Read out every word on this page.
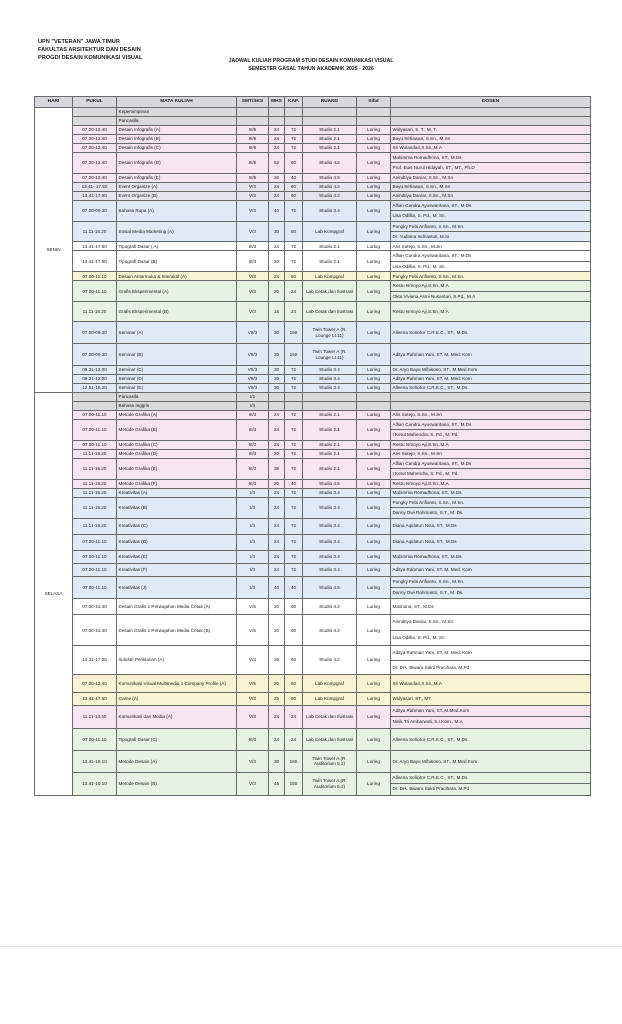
UPN "VETERAN" JAWA TIMUR
FAKULTAS ARSITEKTUR DAN DESAIN
PROGDI DESAIN KOMUNIKASI VISUAL	JADWAL KULIAH PROGRAM STUDI DESAIN KOMUNIKASI VISUAL
SEMESTER GASAL TAHUN AKADEMIK 2025 - 2026
HARI	PUKUL	MATA KULIAH	SMT/SKS	MHS	KAP.	RUANG	Sifat	DOSEN
SENIN		Kepemimpinan						

		Pancasila						

	07.00-13.40	Desain Infografis (A)	III/5	24	72	Studio 2.1	Luring	Widyasari, S. T., M. T.

	07.00-13.40	Desain Infografis (B)	III/5	24	72	Studio 2.1	Luring	Bayu Setiawan, S.Sn., M.Sn

	07.00-13.40	Desain Infografis (C)	III/5	24	72	Studio 2.1	Luring	Sri Wulandari,S.Sn.,M.A

	07.00-13.40	Desain Infografis (D)	III/5	52	60	Studio 4.2	Luring	Mahimma Romadhona, ST., M.Ds.
Prof. Euis Nurul Hidayah, ST., MT., Ph.D

	07.00-13.40	Desain Infografis (E)	III/5	26	40	Studio 4.5	Luring	Anindtiya Daniar, S.Sn., M.Sn

	13.41- 17.50	Event Organize (A)	V/3	24	60	Studio 4.2	Luring	Bayu Setiawan, S.Sn., M.Sn

	13.41-17.50	Event Organize (B)	V/3	24	60	Studio 4.2	Luring	Anindtiya Daniar, S.Sn., M.Sn

	07.00-09.30	Bahasa Rupa (A)	V/3	40	72	Studio 3.4	Luring	Alfian Candra Ayuswantana, ST., M.Ds
Lisa Odillia, S. Pd., M. Sn.

	11.11-15.20	Sosial Media Marketing (A)	V/3	30	50	Lab Kompgraf	Luring	Pungky Febi Arifianto, S.Sn., M.Sn.
Dr. Yudiana Indriastuti, M.Si

	13.41-17.50	Tipografi Dasar ( A)	III/3	24	72	Studio 2.1	Luring	Aris Sutejo, S.Sn., M.Sn

	13.41-17.50	Tipografi Dasar (B)	III/3	30	72	Studio 2.1	Luring	Alfian Candra Ayuswantana, ST., M.Ds
Lisa Odillia, S. Pd., M. Sn.

	07.00-11.10	Desain Antarmuka & Interaktif (A)	V/3	24	50	Lab Kompgraf	Luring	Pungky Febi Arifianto, S.Sn., M.Sn.

	07.00-11.10	Grafis Eksperimental (A)	V/3	20	24	Lab Cetak dan Ilustrasi	Luring	Restu Ismoyo Aji,S.Sn.,M.A
Okta Viviana Asmi Nusantari, S.Pd., M.A

	11.11-15.20	Grafis Eksperimental (B)	V/3	16	24	Lab Cetak dan Ilustrasi	Luring	Restu Ismoyo Aji,S.Sn.,M.A

	07.00-09.30	Seminar (A)	VII/3	30	150	Twin Tower A (R. Lounge Lt.11)	Luring	Alleena Solicitor C.R.E.C., ST., M.Ds.

	07.00-09.30	Seminar (B)	VII/3	30	150	Twin Tower A (R. Lounge Lt.11)	Luring	Aditya Rahman Yani, ST. M. Med. Kom

	09.31-12.00	Seminar (C)	VII/3	30	72	Studio 3.4	Luring	Dr. Aryo Bayu Wibisono, ST., M.Med.Kom

	09.31-12.00	Seminar (D)	VII/3	30	72	Studio 3.4	Luring	Aditya Rahman Yani, ST. M. Med. Kom

	12.51-15.20	Seminar (E)	VII/3	30	72	Studio 3.4	Luring	Alleena Solicitor C.R.E.C., ST., M.Ds.

SELASA		Pancasila	I/2					

		Bahasa Inggris	I/3					

	07.00-11.10	Metode Grafika (A)	III/3	24	72	Studio 2.1	Luring	Aris Sutejo, S.Sn., M.Sn

	07.00-11.10	Metode Grafika (B)	III/3	24	72	Studio 2.1	Luring	Alfian Candra Ayuswantana, ST., M.Ds
I Ketut Mahendra, S. Pd., M. Pd.

	07.00-11.10	Metode Grafika (C)	III/3	24	72	Studio 2.1	Luring	Restu Ismoyo Aji,S.Sn.,M.A

	11.11-15.20	Metode Grafika (D)	III/3	20	72	Studio 2.1	Luring	Aris Sutejo, S.Sn., M.Sn

	11.11-15.20	Metode Grafika (E)	III/3	38	72	Studio 2.1	Luring	Alfian Candra Ayuswantana, ST., M.Ds
I Ketut Mahendra, S. Pd., M. Pd.

	11.11-15.20	Metode Grafika (F)	III/3	20	40	Studio 4.5	Luring	Restu Ismoyo Aji,S.Sn.,M.A

	11.11-15.20	Kreativitas (A)	I/3	24	72	Studio 3.4	Luring	Mahimma Romadhona, ST., M.Ds.

	11.11-15.20	Kreativitas (B)	I/3	24	72	Studio 3.4	Luring	Pungky Febi Arifianto, S.Sn., M.Sn.
Danny Dwi Rahmanto, S.T., M. Ds.

	11.11-15.20	Kreativitas (C)	I/3	24	72	Studio 3.4	Luring	Diana Aqidatun Nisa, ST., M.Ds

	07.00-11.10	Kreativitas (D)	I/3	24	72	Studio 3.4	Luring	Diana Aqidatun Nisa, ST., M.Ds

	07.00-11.10	Kreativitas (E)	I/3	24	72	Studio 3.4	Luring	Mahimma Romadhona, ST., M.Ds.

	07.00-11.10	Kreativitas (F)	I/3	24	72	Studio 3.4	Luring	Aditya Rahman Yani, ST. M. Med. Kom

	07.00-11.10	Kreativitas (J)	I/3	40	40	Studio 4.5	Luring	Pungky Febi Arifianto, S.Sn., M.Sn.
Danny Dwi Rahmanto, S.T., M. Ds.

	07.00-13.40	Desain Grafis 1 Perwajahan Media Cetak (A)	V/5	20	60	Studio 4.2	Luring	Masnuna, ST., M.Ds

	07.00-13.40	Desain Grafis 1 Perwajahan Media Cetak (B)	V/5	20	60	Studio 4.2	Luring	Anindtiya Daniar, S.Sn., M.Sn
Lisa Odillia, S. Pd., M. Sn.

	14.31-17.00	Industri Periklanan (A)	V/3	25	60	Studio 4.2	Luring	Aditya Rahman Yani, ST. M. Med. Kom
Dr. Drs. Biwara Sakti Pracihara, M.Pd

	07.00-13.40	Komunikasi Visual Multimedia 1 Company Profile (A)	V/5	20	50	Lab Kompgraf	Luring	Sri Wulandari,S.Sn.,M.A

	13.41-17.50	Game (A)	V/3	25	50	Lab Kompgraf	Luring	Widyasari, ST., MT

	11.11-13.40	Komunikasi dan Media (A)	V/3	24	24	Lab Cetak dan Ilustrasi	Luring	Aditya Rahman Yani, ST.,M.Med.Kom
Ninik Tri Ambarwati, S.I.Kom., M.A

	07.00-11.10	Tipografi Dasar (C)	III/3	24	24	Lab Cetak dan Ilustrasi	Luring	Alleena Solicitor C.R.E.C., ST., M.Ds.

	13.41-16.10	Metode Desain (A)	V/3	30	150	Twin Tower A (R. Auditorium 5.2)	Luring	Dr. Aryo Bayu Wibisono, ST., M.Med.Kom

	13.41-16.10	Metode Desain (B)	V/3	45	150	Twin Tower A (R. Auditorium 5.2)	Luring	Alleena Solicitor C.R.E.C., ST., M.Ds.
Dr. Drs. Biwara Sakti Pracihara, M.Pd
